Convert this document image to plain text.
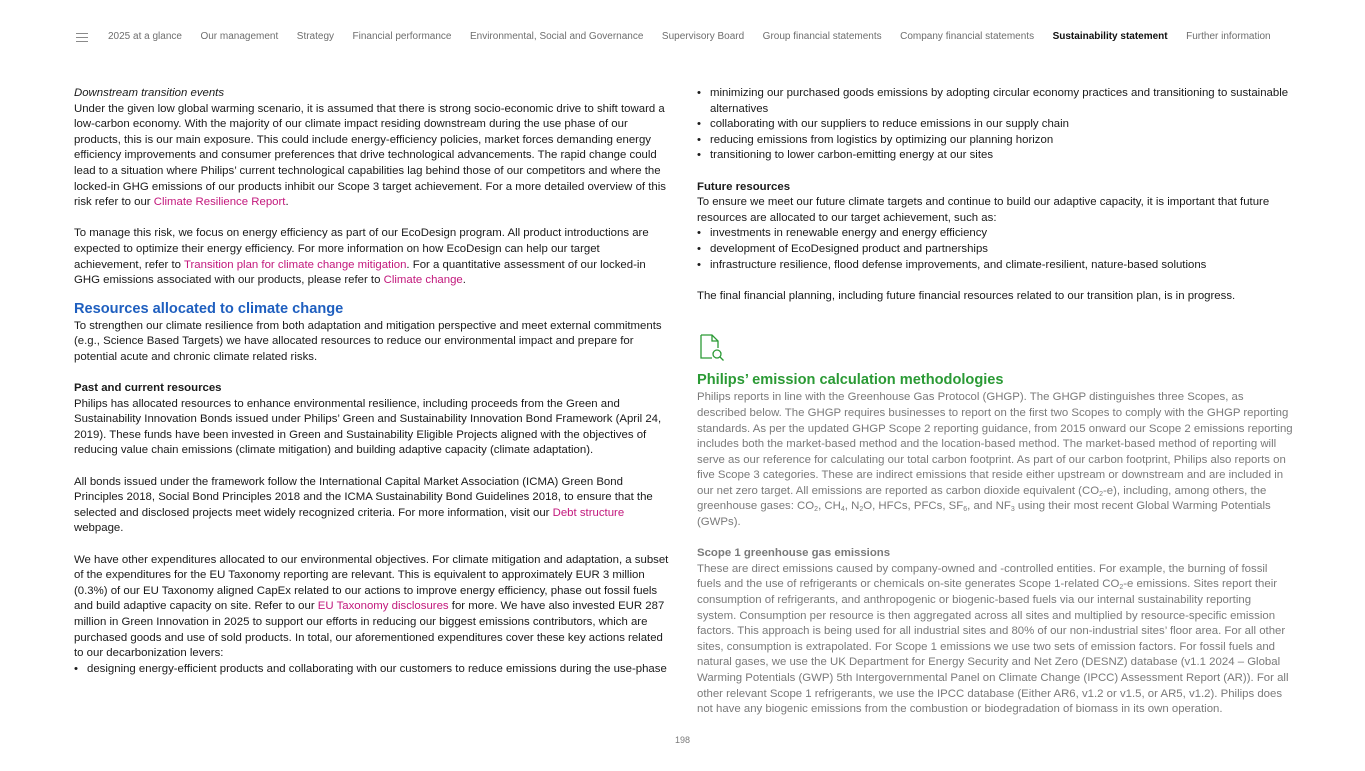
2025 at a glance Our management Strategy Financial performance Environmental, Social and Governance Supervisory Board Group financial statements Company financial statements Sustainability statement Further information

Downstream transition events

Under the given low global warming scenario, it is assumed that there is strong socio-economic drive to shift toward a low-carbon economy. With the majority of our climate impact residing downstream during the use phase of our products, this is our main exposure. This could include energy-efficiency policies, market forces demanding energy efficiency improvements and consumer preferences that drive technological advancements. The rapid change could lead to a situation where Philips’ current technological capabilities lag behind those of our competitors and where the locked-in GHG emissions of our products inhibit our Scope 3 target achievement. For a more detailed overview of this risk refer to our Climate Resilience Report.

To manage this risk, we focus on energy efficiency as part of our EcoDesign program. All product introductions are expected to optimize their energy efficiency. For more information on how EcoDesign can help our target achievement, refer to Transition plan for climate change mitigation. For a quantitative assessment of our locked-in GHG emissions associated with our products, please refer to Climate change.

Resources allocated to climate change

To strengthen our climate resilience from both adaptation and mitigation perspective and meet external commitments (e.g., Science Based Targets) we have allocated resources to reduce our environmental impact and prepare for potential acute and chronic climate related risks.

Past and current resources

Philips has allocated resources to enhance environmental resilience, including proceeds from the Green and Sustainability Innovation Bonds issued under Philips’ Green and Sustainability Innovation Bond Framework (April 24, 2019). These funds have been invested in Green and Sustainability Eligible Projects aligned with the objectives of reducing value chain emissions (climate mitigation) and building adaptive capacity (climate adaptation).

All bonds issued under the framework follow the International Capital Market Association (ICMA) Green Bond Principles 2018, Social Bond Principles 2018 and the ICMA Sustainability Bond Guidelines 2018, to ensure that the selected and disclosed projects meet widely recognized criteria. For more information, visit our Debt structure webpage.

We have other expenditures allocated to our environmental objectives. For climate mitigation and adaptation, a subset of the expenditures for the EU Taxonomy reporting are relevant. This is equivalent to approximately EUR 3 million (0.3%) of our EU Taxonomy aligned CapEx related to our actions to improve energy efficiency, phase out fossil fuels and build adaptive capacity on site. Refer to our EU Taxonomy disclosures for more. We have also invested EUR 287 million in Green Innovation in 2025 to support our efforts in reducing our biggest emissions contributors, which are purchased goods and use of sold products. In total, our aforementioned expenditures cover these key actions related to our decarbonization levers:

• designing energy-efficient products and collaborating with our customers to reduce emissions during the use-phase
• minimizing our purchased goods emissions by adopting circular economy practices and transitioning to sustainable alternatives
• collaborating with our suppliers to reduce emissions in our supply chain
• reducing emissions from logistics by optimizing our planning horizon
• transitioning to lower carbon-emitting energy at our sites

Future resources

To ensure we meet our future climate targets and continue to build our adaptive capacity, it is important that future resources are allocated to our target achievement, such as:

• investments in renewable energy and energy efficiency
• development of EcoDesigned product and partnerships
• infrastructure resilience, flood defense improvements, and climate-resilient, nature-based solutions

The final financial planning, including future financial resources related to our transition plan, is in progress.

Philips’ emission calculation methodologies

Philips reports in line with the Greenhouse Gas Protocol (GHGP). The GHGP distinguishes three Scopes, as described below. The GHGP requires businesses to report on the first two Scopes to comply with the GHGP reporting standards. As per the updated GHGP Scope 2 reporting guidance, from 2015 onward our Scope 2 emissions reporting includes both the market-based method and the location-based method. The market-based method of reporting will serve as our reference for calculating our total carbon footprint. As part of our carbon footprint, Philips also reports on five Scope 3 categories. These are indirect emissions that reside either upstream or downstream and are included in our net zero target. All emissions are reported as carbon dioxide equivalent $(CO_2-e)$, including, among others, the greenhouse gases: $CO_2$, $CH_4$, $N_2O$, HFCs, PFCs, $SF_6$, and $NF_3$ using their most recent Global Warming Potentials (GWPs).

Scope 1 greenhouse gas emissions

These are direct emissions caused by company-owned and -controlled entities. For example, the burning of fossil fuels and the use of refrigerants or chemicals on-site generates Scope 1-related $CO_2-e$ emissions. Sites report their consumption of refrigerants, and anthropogenic or biogenic-based fuels via our internal sustainability reporting system. Consumption per resource is then aggregated across all sites and multiplied by resource-specific emission factors. This approach is being used for all industrial sites and 80% of our non-industrial sites’ floor area. For all other sites, consumption is extrapolated. For Scope 1 emissions we use two sets of emission factors. For fossil fuels and natural gases, we use the UK Department for Energy Security and Net Zero (DESNZ) database (v1.1 2024 – Global Warming Potentials (GWP) 5th Intergovernmental Panel on Climate Change (IPCC) Assessment Report (AR)). For all other relevant Scope 1 refrigerants, we use the IPCC database (Either AR6, v1.2 or v1.5, or AR5, v1.2). Philips does not have any biogenic emissions from the combustion or biodegradation of biomass in its own operation.

198
